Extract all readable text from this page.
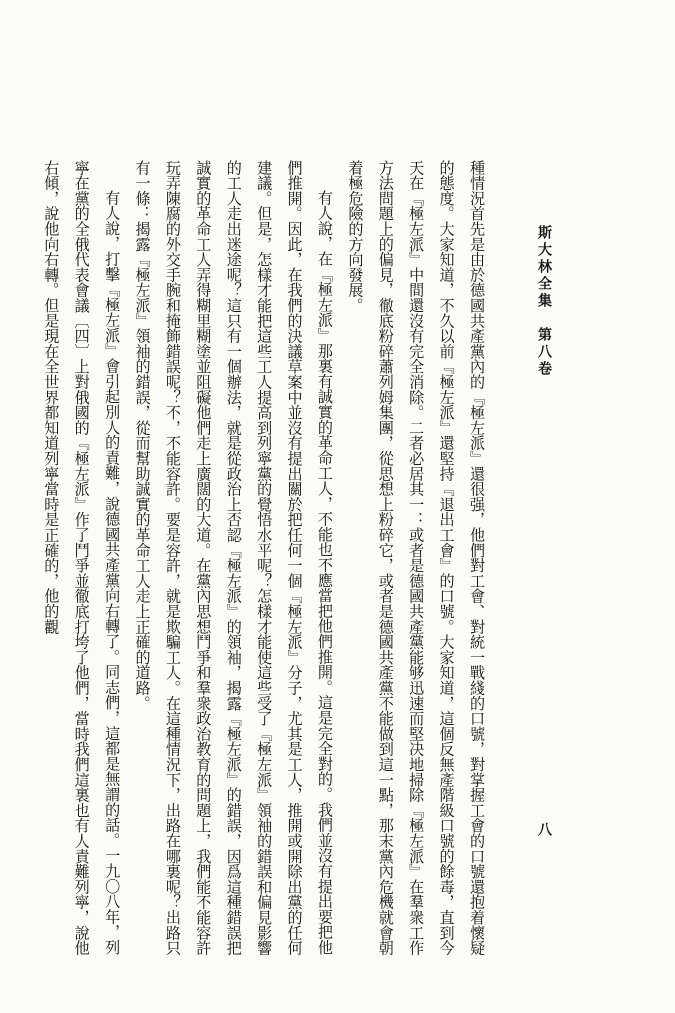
斯大林全集　第八卷
八

種情況首先是由於德國共產黨內的『極左派』還很强，他們對工會、對統一戰綫的口號，對掌握工會的口號還抱着懷疑的態度。大家知道，不久以前『極左派』還堅持『退出工會』的口號。大家知道，這個反無產階級口號的餘毒，直到今天在『極左派』中間還沒有完全消除。二者必居其一：或者是德國共產黨能够迅速而堅决地掃除『極左派』在羣衆工作方法問題上的偏見，徹底粉碎蕭列姆集團，從思想上粉碎它，或者是德國共產黨不能做到這一點，那末黨內危機就會朝着極危險的方向發展。

有人說，在『極左派』那裏有誠實的革命工人，不能也不應當把他們推開。這是完全對的。我們並沒有提出要把他們推開。因此，在我們的決議草案中並沒有提出關於把任何一個『極左派』分子，尤其是工人，推開或開除出黨的任何建議。但是，怎樣才能把這些工人提高到列寧黨的覺悟水平呢？怎樣才能使這些受了『極左派』領袖的錯誤和偏見影響的工人走出迷途呢？這只有一個辦法，就是從政治上否認『極左派』的領袖，揭露『極左派』的錯誤，因爲這種錯誤把誠實的革命工人弄得糊里糊塗並阻礙他們走上廣闊的大道。在黨內思想鬥爭和羣衆政治教育的問題上，我們能不能容許玩弄陳腐的外交手腕和掩飾錯誤呢？不，不能容許。要是容許，就是欺騙工人。在這種情況下，出路在哪裏呢？出路只有一條：揭露『極左派』領袖的錯誤，從而幫助誠實的革命工人走上正確的道路。

有人說，打擊『極左派』會引起別人的責難，說德國共產黨向右轉了。同志們，這都是無謂的話。一九〇八年，列寧在黨的全俄代表會議〔四〕上對俄國的『極左派』作了鬥爭並徹底打垮了他們，當時我們這裏也有人責難列寧，說他右傾，說他向右轉。但是現在全世界都知道列寧當時是正確的，他的觀
